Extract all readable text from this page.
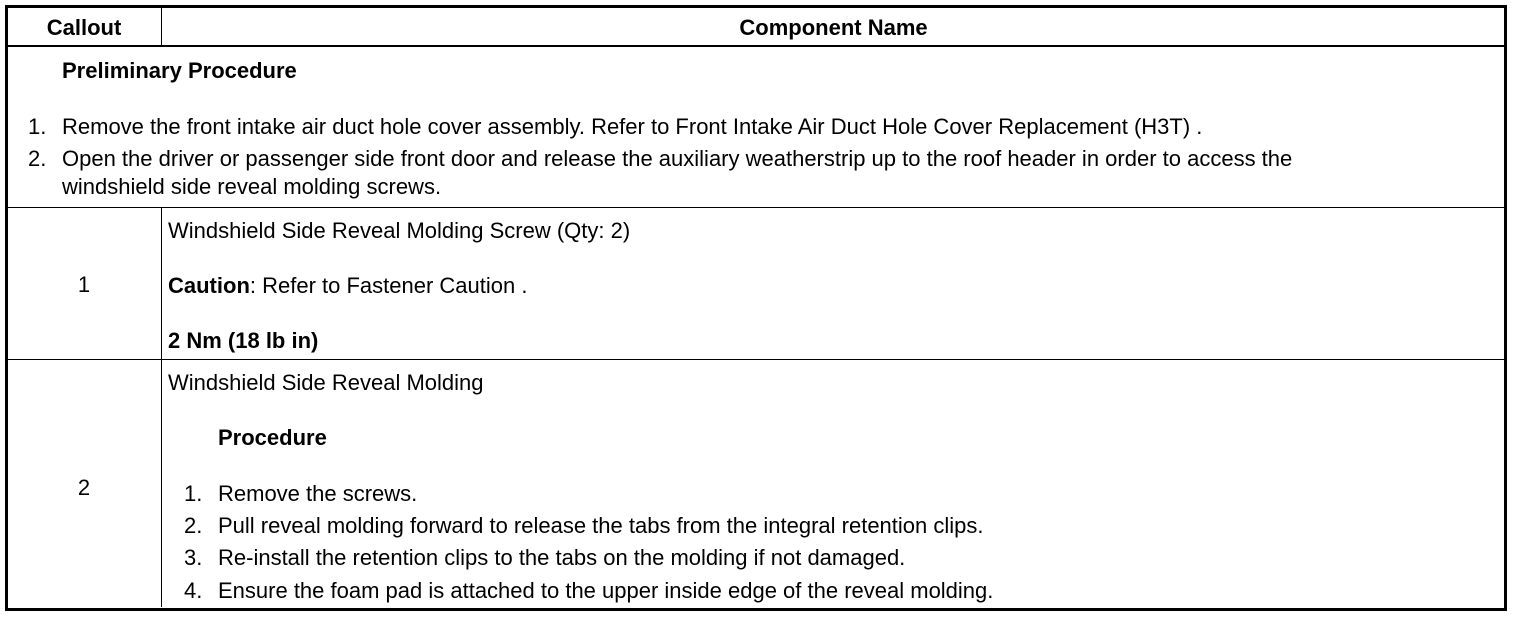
Callout	Component Name
Preliminary Procedure
1. Remove the front intake air duct hole cover assembly. Refer to Front Intake Air Duct Hole Cover Replacement (H3T) .
2. Open the driver or passenger side front door and release the auxiliary weatherstrip up to the roof header in order to access the
windshield side reveal molding screws.
1
Windshield Side Reveal Molding Screw (Qty: 2)
Caution: Refer to Fastener Caution .
2 Nm (18 lb in)
2
Windshield Side Reveal Molding
Procedure
1. Remove the screws.
2. Pull reveal molding forward to release the tabs from the integral retention clips.
3. Re-install the retention clips to the tabs on the molding if not damaged.
4. Ensure the foam pad is attached to the upper inside edge of the reveal molding.
